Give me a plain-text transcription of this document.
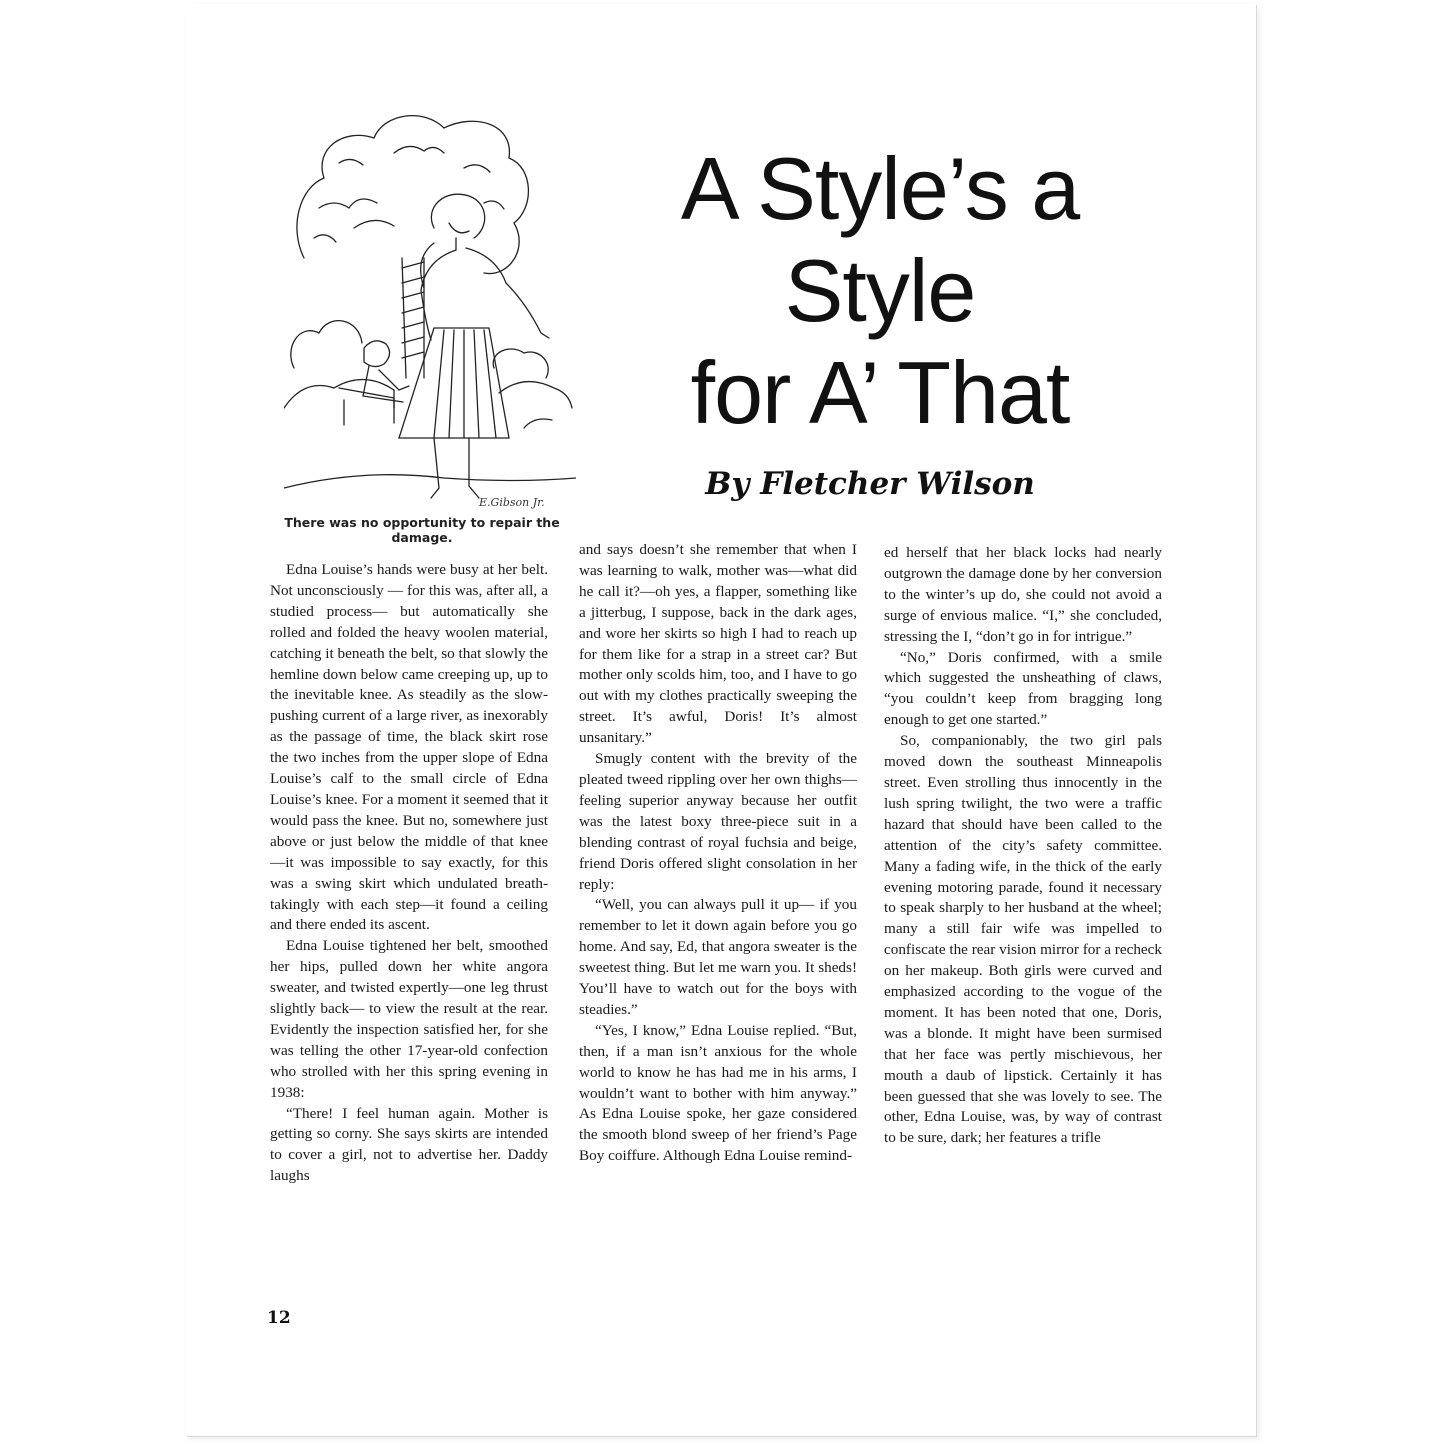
E.Gibson Jr.
There was no opportunity to repair the damage.
A Style’s a
Style
for A’ That
By Fletcher Wilson

Edna Louise’s hands were busy at her belt. Not unconsciously — for this was, after all, a studied process— but automatically she rolled and folded the heavy woolen material, catching it beneath the belt, so that slowly the hemline down below came creeping up, up to the inevitable knee. As steadily as the slow-pushing current of a large river, as inexorably as the passage of time, the black skirt rose the two inches from the upper slope of Edna Louise’s calf to the small circle of Edna Louise’s knee. For a moment it seemed that it would pass the knee. But no, somewhere just above or just below the middle of that knee—it was impossible to say exactly, for this was a swing skirt which undulated breath-takingly with each step—it found a ceiling and there ended its ascent.

Edna Louise tightened her belt, smoothed her hips, pulled down her white angora sweater, and twisted expertly—one leg thrust slightly back— to view the result at the rear. Evidently the inspection satisfied her, for she was telling the other 17-year-old confection who strolled with her this spring evening in 1938:

“There! I feel human again. Mother is getting so corny. She says skirts are intended to cover a girl, not to advertise her. Daddy laughs

and says doesn’t she remember that when I was learning to walk, mother was—what did he call it?—oh yes, a flapper, something like a jitterbug, I suppose, back in the dark ages, and wore her skirts so high I had to reach up for them like for a strap in a street car? But mother only scolds him, too, and I have to go out with my clothes practically sweeping the street. It’s awful, Doris! It’s almost unsanitary.”

Smugly content with the brevity of the pleated tweed rippling over her own thighs—feeling superior anyway because her outfit was the latest boxy three-piece suit in a blending contrast of royal fuchsia and beige, friend Doris offered slight consolation in her reply:

“Well, you can always pull it up— if you remember to let it down again before you go home. And say, Ed, that angora sweater is the sweetest thing. But let me warn you. It sheds! You’ll have to watch out for the boys with steadies.”

“Yes, I know,” Edna Louise replied. “But, then, if a man isn’t anxious for the whole world to know he has had me in his arms, I wouldn’t want to bother with him anyway.” As Edna Louise spoke, her gaze considered the smooth blond sweep of her friend’s Page Boy coiffure. Although Edna Louise remind-

ed herself that her black locks had nearly outgrown the damage done by her conversion to the winter’s up do, she could not avoid a surge of envious malice. “I,” she concluded, stressing the I, “don’t go in for intrigue.”

“No,” Doris confirmed, with a smile which suggested the unsheathing of claws, “you couldn’t keep from bragging long enough to get one started.”

So, companionably, the two girl pals moved down the southeast Minneapolis street. Even strolling thus innocently in the lush spring twilight, the two were a traffic hazard that should have been called to the attention of the city’s safety committee. Many a fading wife, in the thick of the early evening motoring parade, found it necessary to speak sharply to her husband at the wheel; many a still fair wife was impelled to confiscate the rear vision mirror for a recheck on her makeup. Both girls were curved and emphasized according to the vogue of the moment. It has been noted that one, Doris, was a blonde. It might have been surmised that her face was pertly mischievous, her mouth a daub of lipstick. Certainly it has been guessed that she was lovely to see. The other, Edna Louise, was, by way of contrast to be sure, dark; her features a trifle

12
